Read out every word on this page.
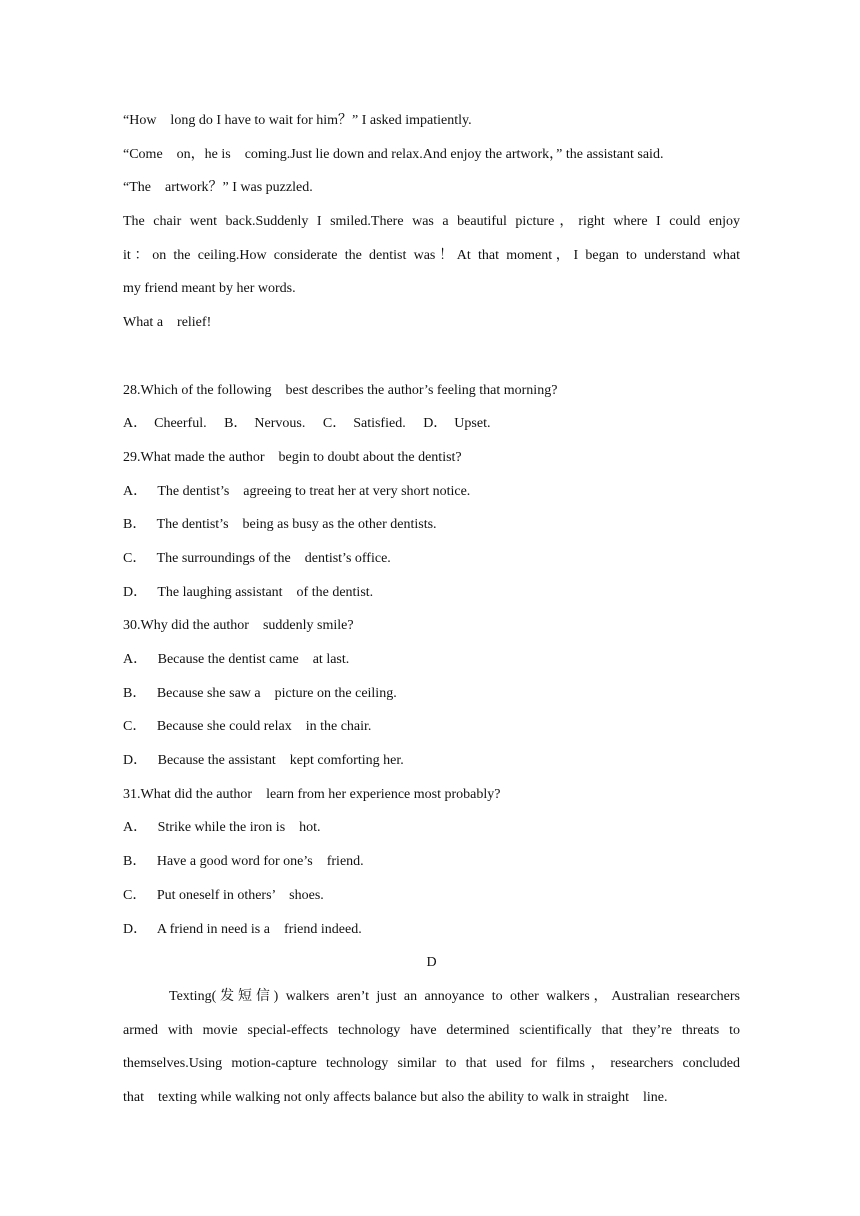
“How    long do I have to wait for him？” I asked impatiently.
“Come    on，he is    coming.Just lie down and relax.And enjoy the artwork，” the assistant said.
“The    artwork？” I was puzzled.
The chair went back.Suddenly I smiled.There was a beautiful picture，right where I could enjoy
it：on the ceiling.How considerate the dentist was！At that moment，I began to understand what
my friend meant by her words.
What a    relief!
28.Which of the following    best describes the author’s feeling that morning?
A．  Cheerful.     B．  Nervous.     C．  Satisfied.     D．  Upset.
29.What made the author    begin to doubt about the dentist?
A．   The dentist’s    agreeing to treat her at very short notice.
B．   The dentist’s    being as busy as the other dentists.
C．   The surroundings of the    dentist’s office.
D．   The laughing assistant    of the dentist.
30.Why did the author    suddenly smile?
A．   Because the dentist came    at last.
B．   Because she saw a    picture on the ceiling.
C．   Because she could relax    in the chair.
D．   Because the assistant    kept comforting her.
31.What did the author    learn from her experience most probably?
A．   Strike while the iron is    hot.
B．   Have a good word for one’s    friend.
C．   Put oneself in others’    shoes.
D．   A friend in need is a    friend indeed.
D
Texting(发短信) walkers aren’t just an annoyance to other walkers，Australian researchers
armed with movie special-effects technology have determined scientifically that they’re threats to
themselves.Using motion-capture technology similar to that used for films，researchers concluded
that    texting while walking not only affects balance but also the ability to walk in straight    line.
